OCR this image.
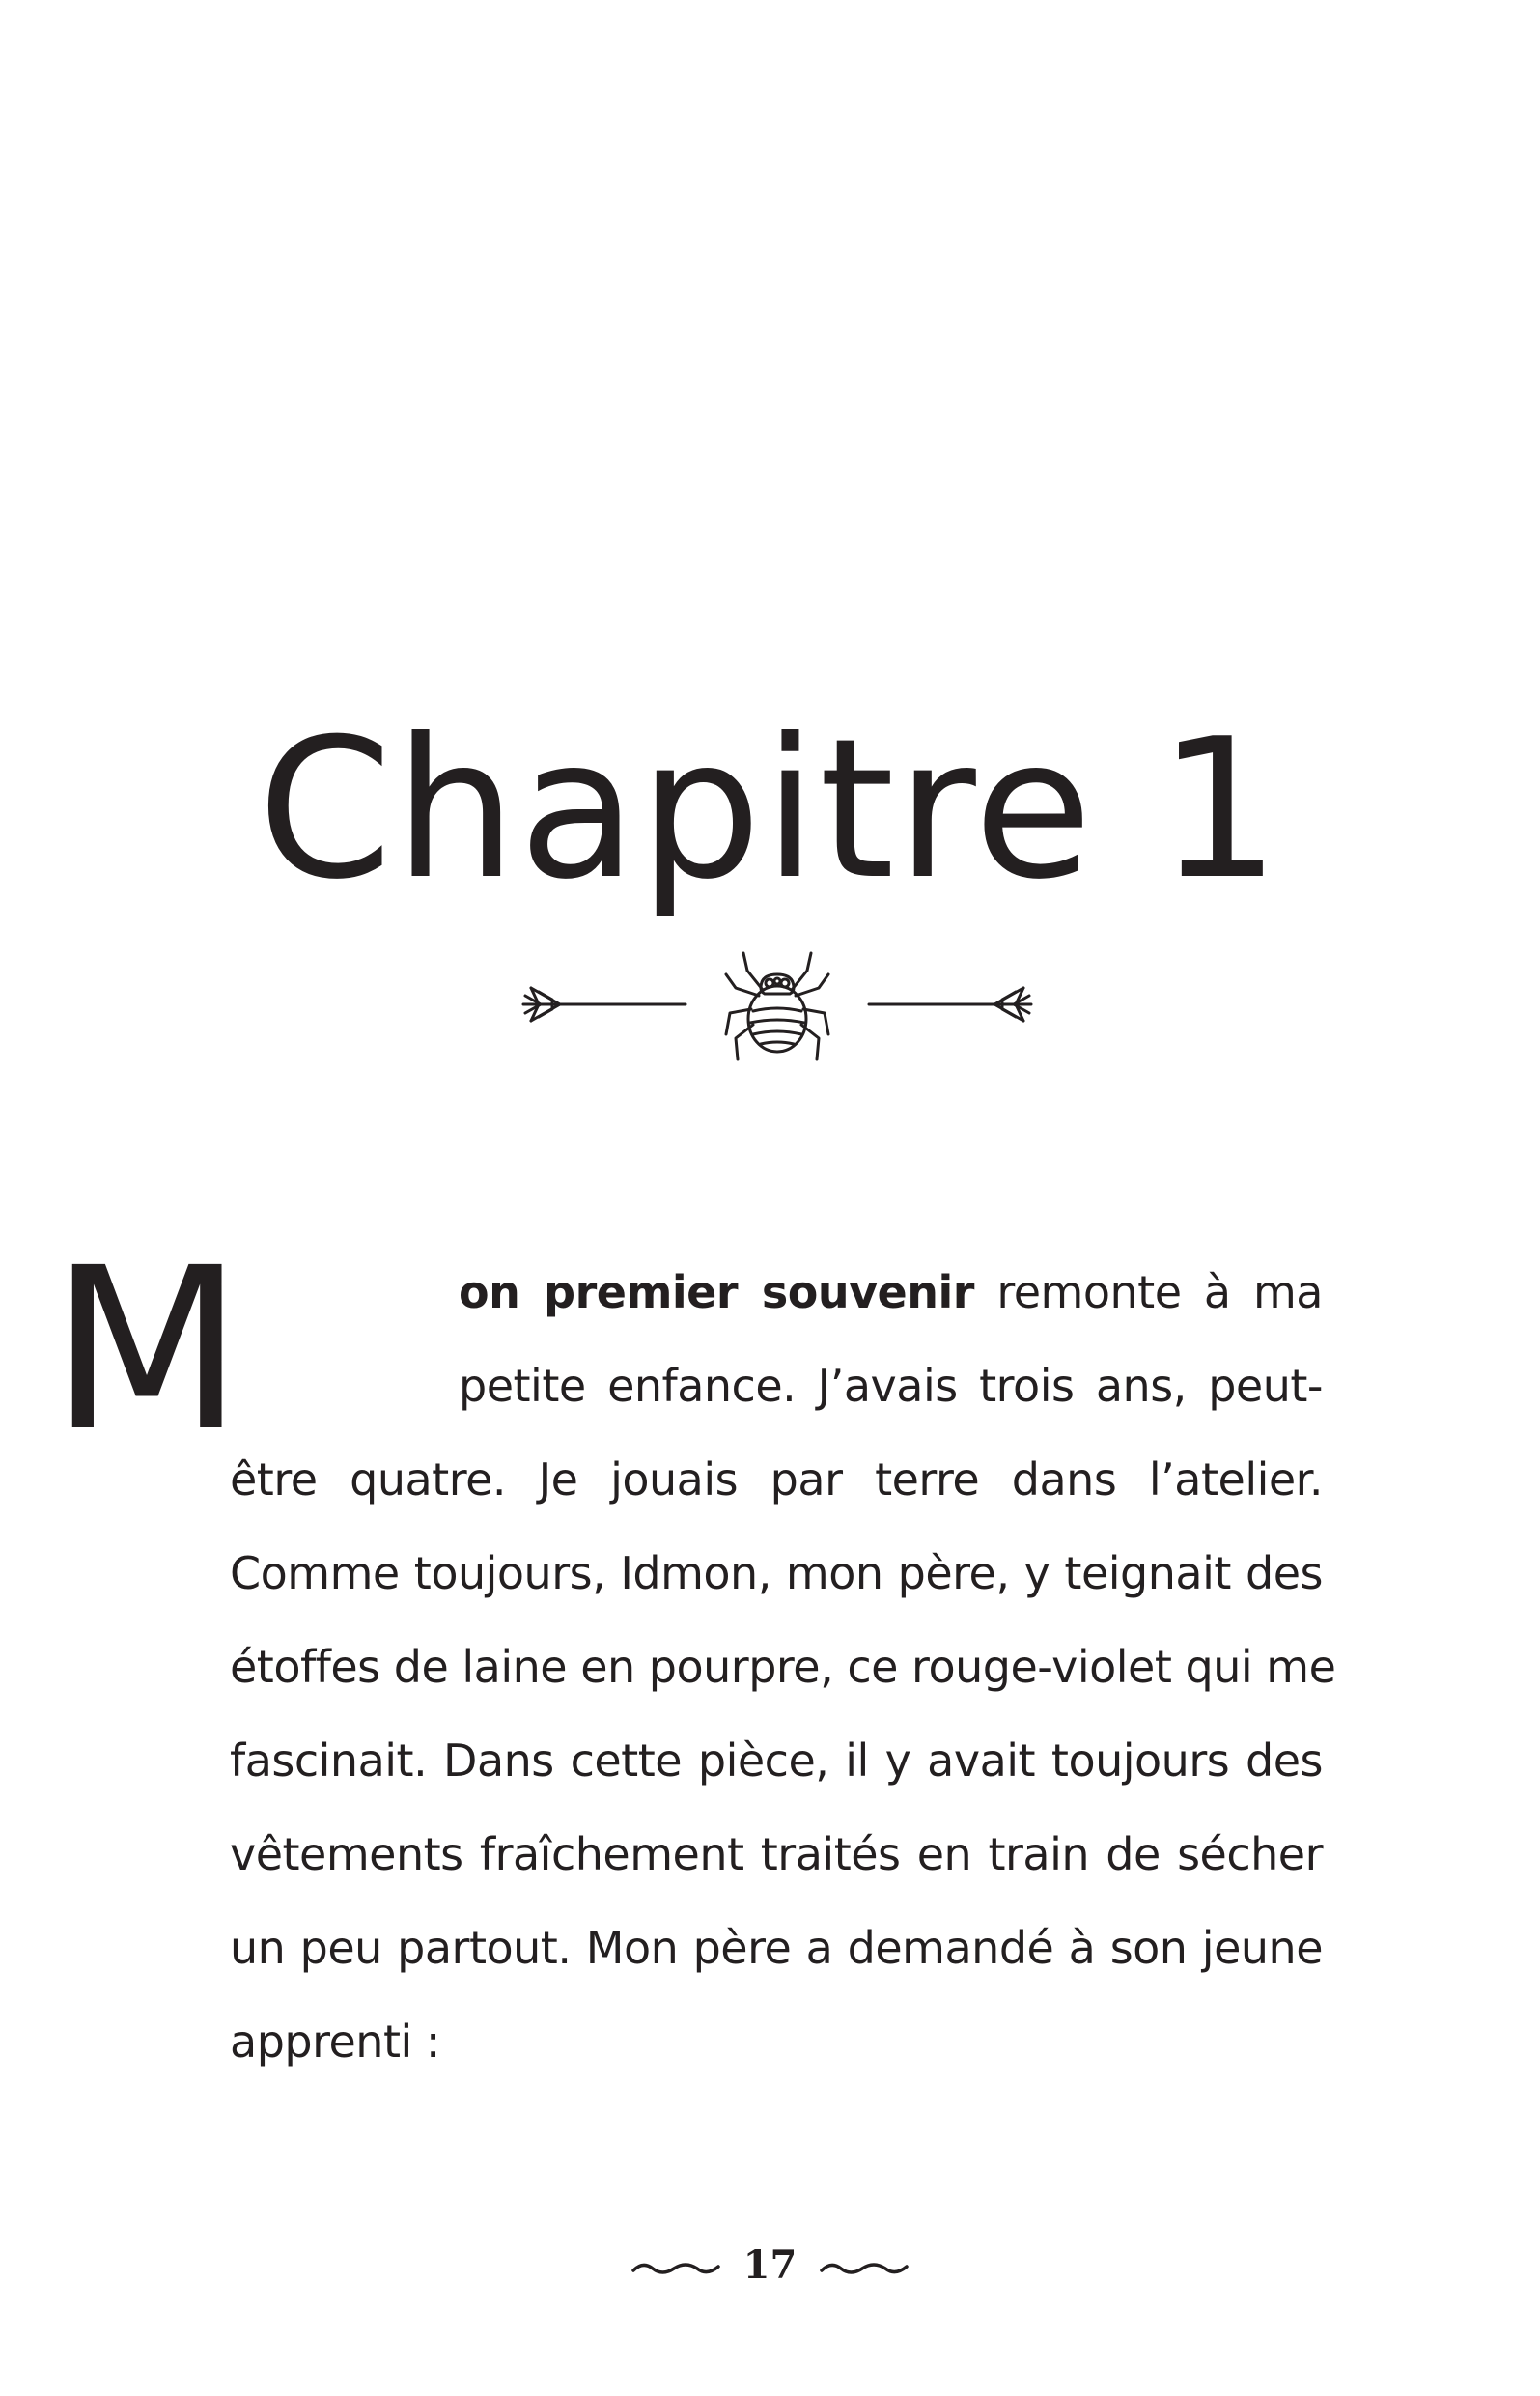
Chapitre 1
M	on premier souvenir remonte à ma
petite enfance. J’avais trois ans, peut-
être quatre. Je jouais par terre dans l’atelier.
Comme toujours, Idmon, mon père, y teignait des
étoffes de laine en pourpre, ce rouge-violet qui me
fascinait. Dans cette pièce, il y avait toujours des
vêtements fraîchement traités en train de sécher
un peu partout. Mon père a demandé à son jeune
apprenti :
17
